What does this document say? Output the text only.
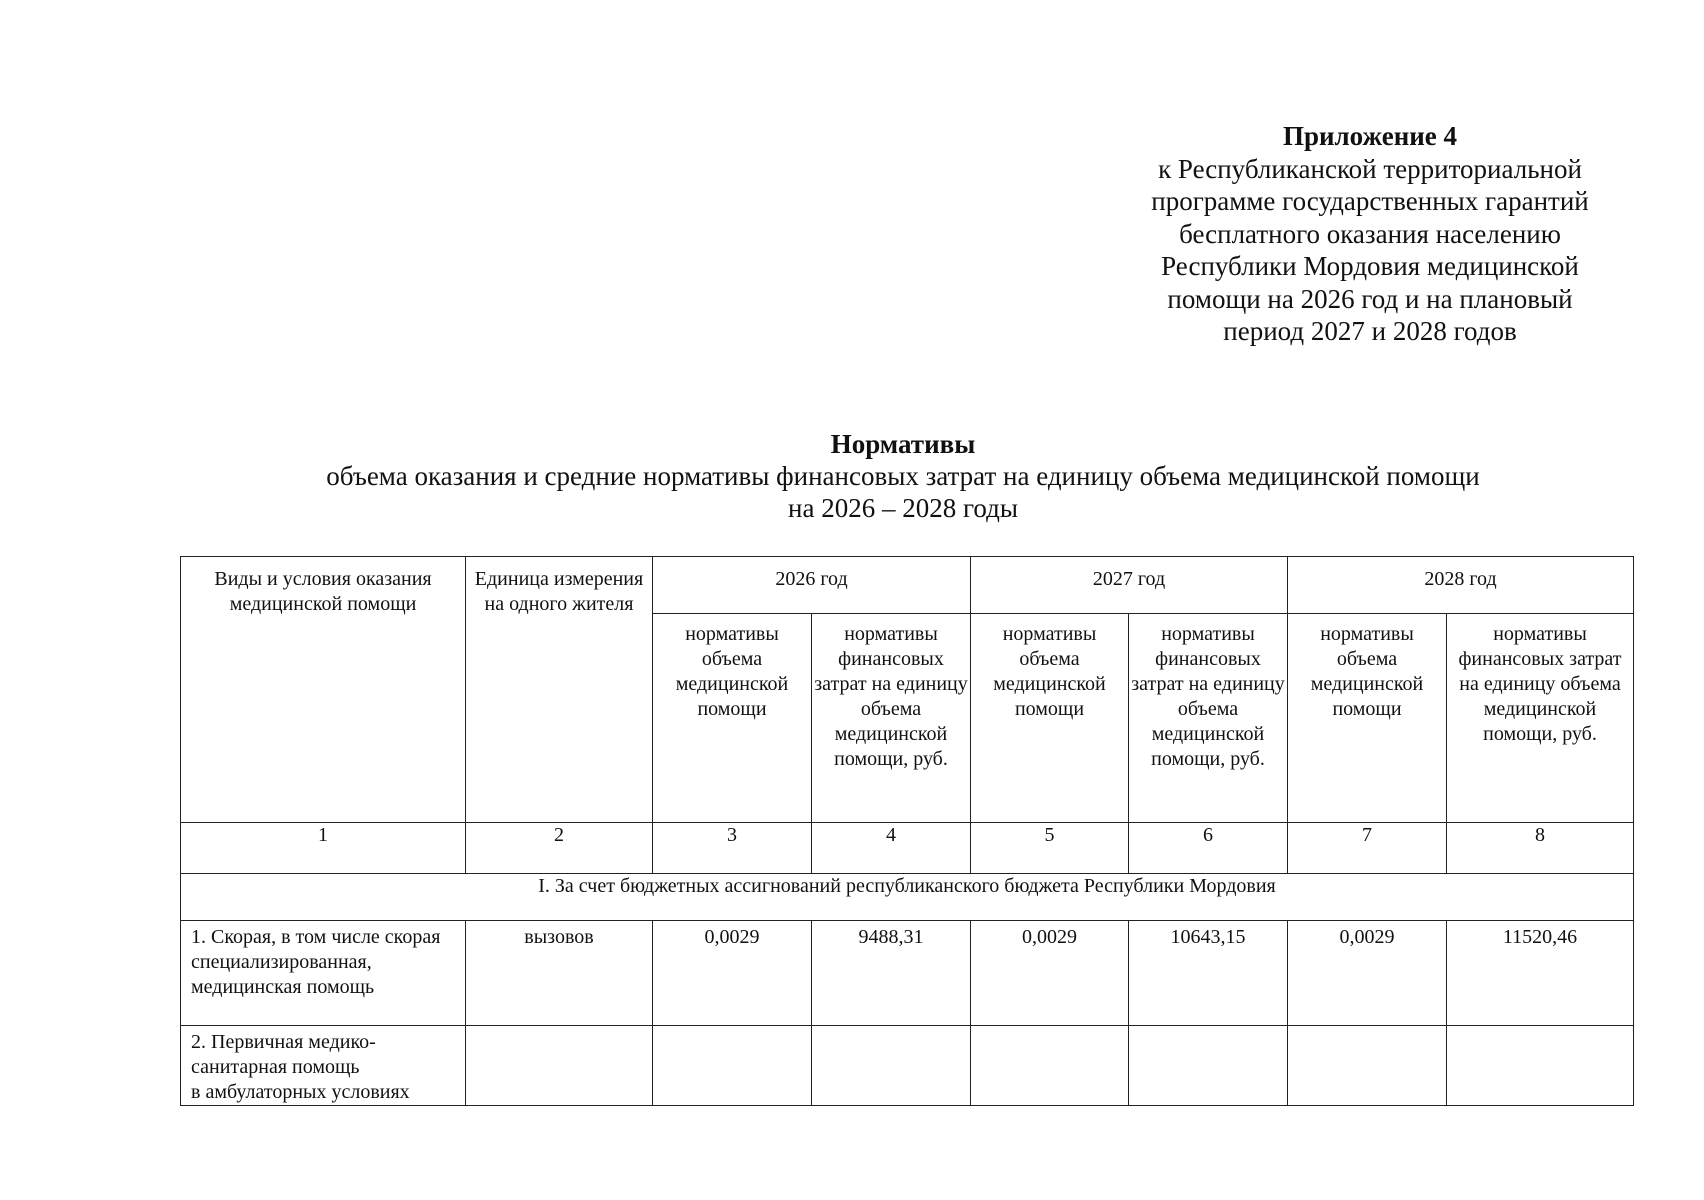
Приложение 4
к Республиканской территориальной
программе государственных гарантий
бесплатного оказания населению
Республики Мордовия медицинской
помощи на 2026 год и на плановый
период 2027 и 2028 годов
Нормативы
объема оказания и средние нормативы финансовых затрат на единицу объема медицинской помощи
на 2026 – 2028 годы
Виды и условия оказания медицинской помощи	Единица измерения на одного жителя	2026 год		2027 год		2028 год	
		нормативы объема медицинской помощи	нормативы финансовых затрат на единицу объема медицинской помощи, руб.	нормативы объема медицинской помощи	нормативы финансовых затрат на единицу объема медицинской помощи, руб.	нормативы объема медицинской помощи	нормативы финансовых затрат на единицу объема медицинской помощи, руб.
1	2	3	4	5	6	7	8
I. За счет бюджетных ассигнований республиканского бюджета Республики Мордовия							
1. Скорая, в том числе скорая специализированная, медицинская помощь	вызовов	0,0029	9488,31	0,0029	10643,15	0,0029	11520,46

2. Первичная медико-санитарная помощь
в амбулаторных условиях							
